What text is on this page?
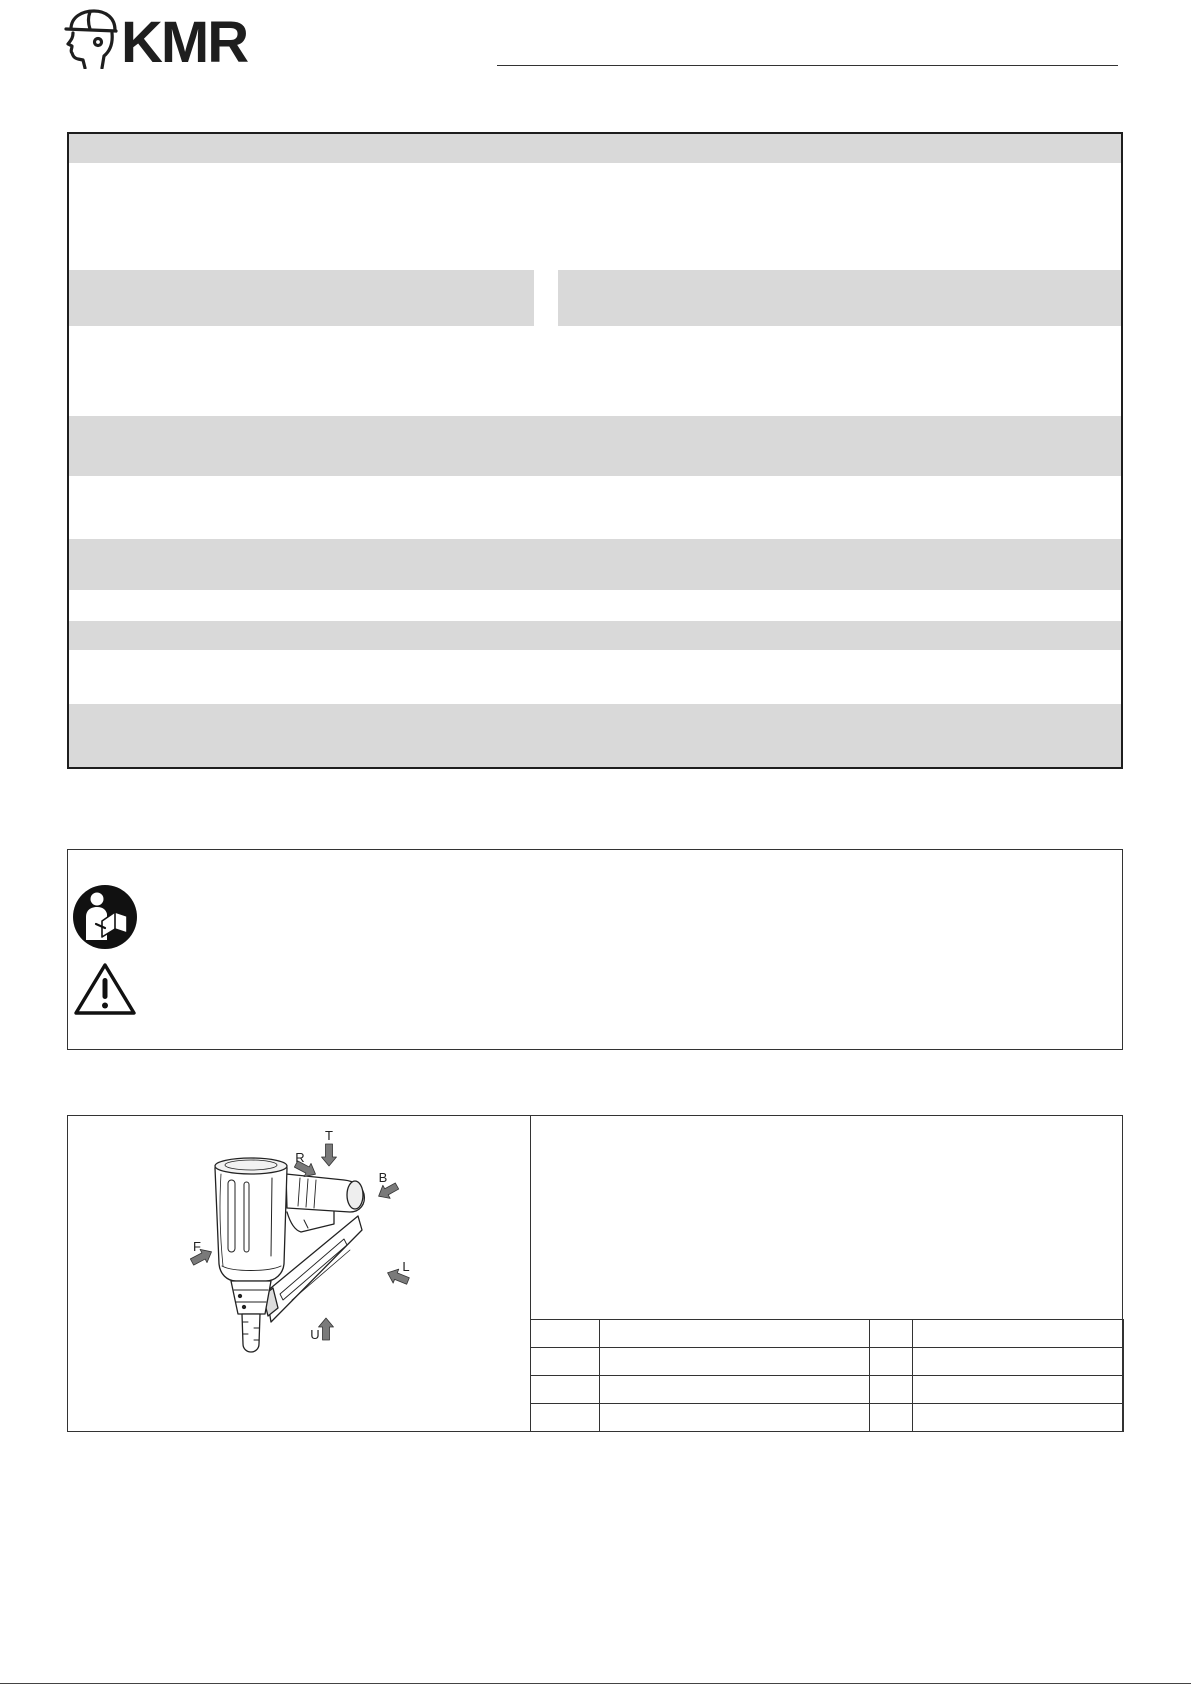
KMR
T
R
B
F
L
U
